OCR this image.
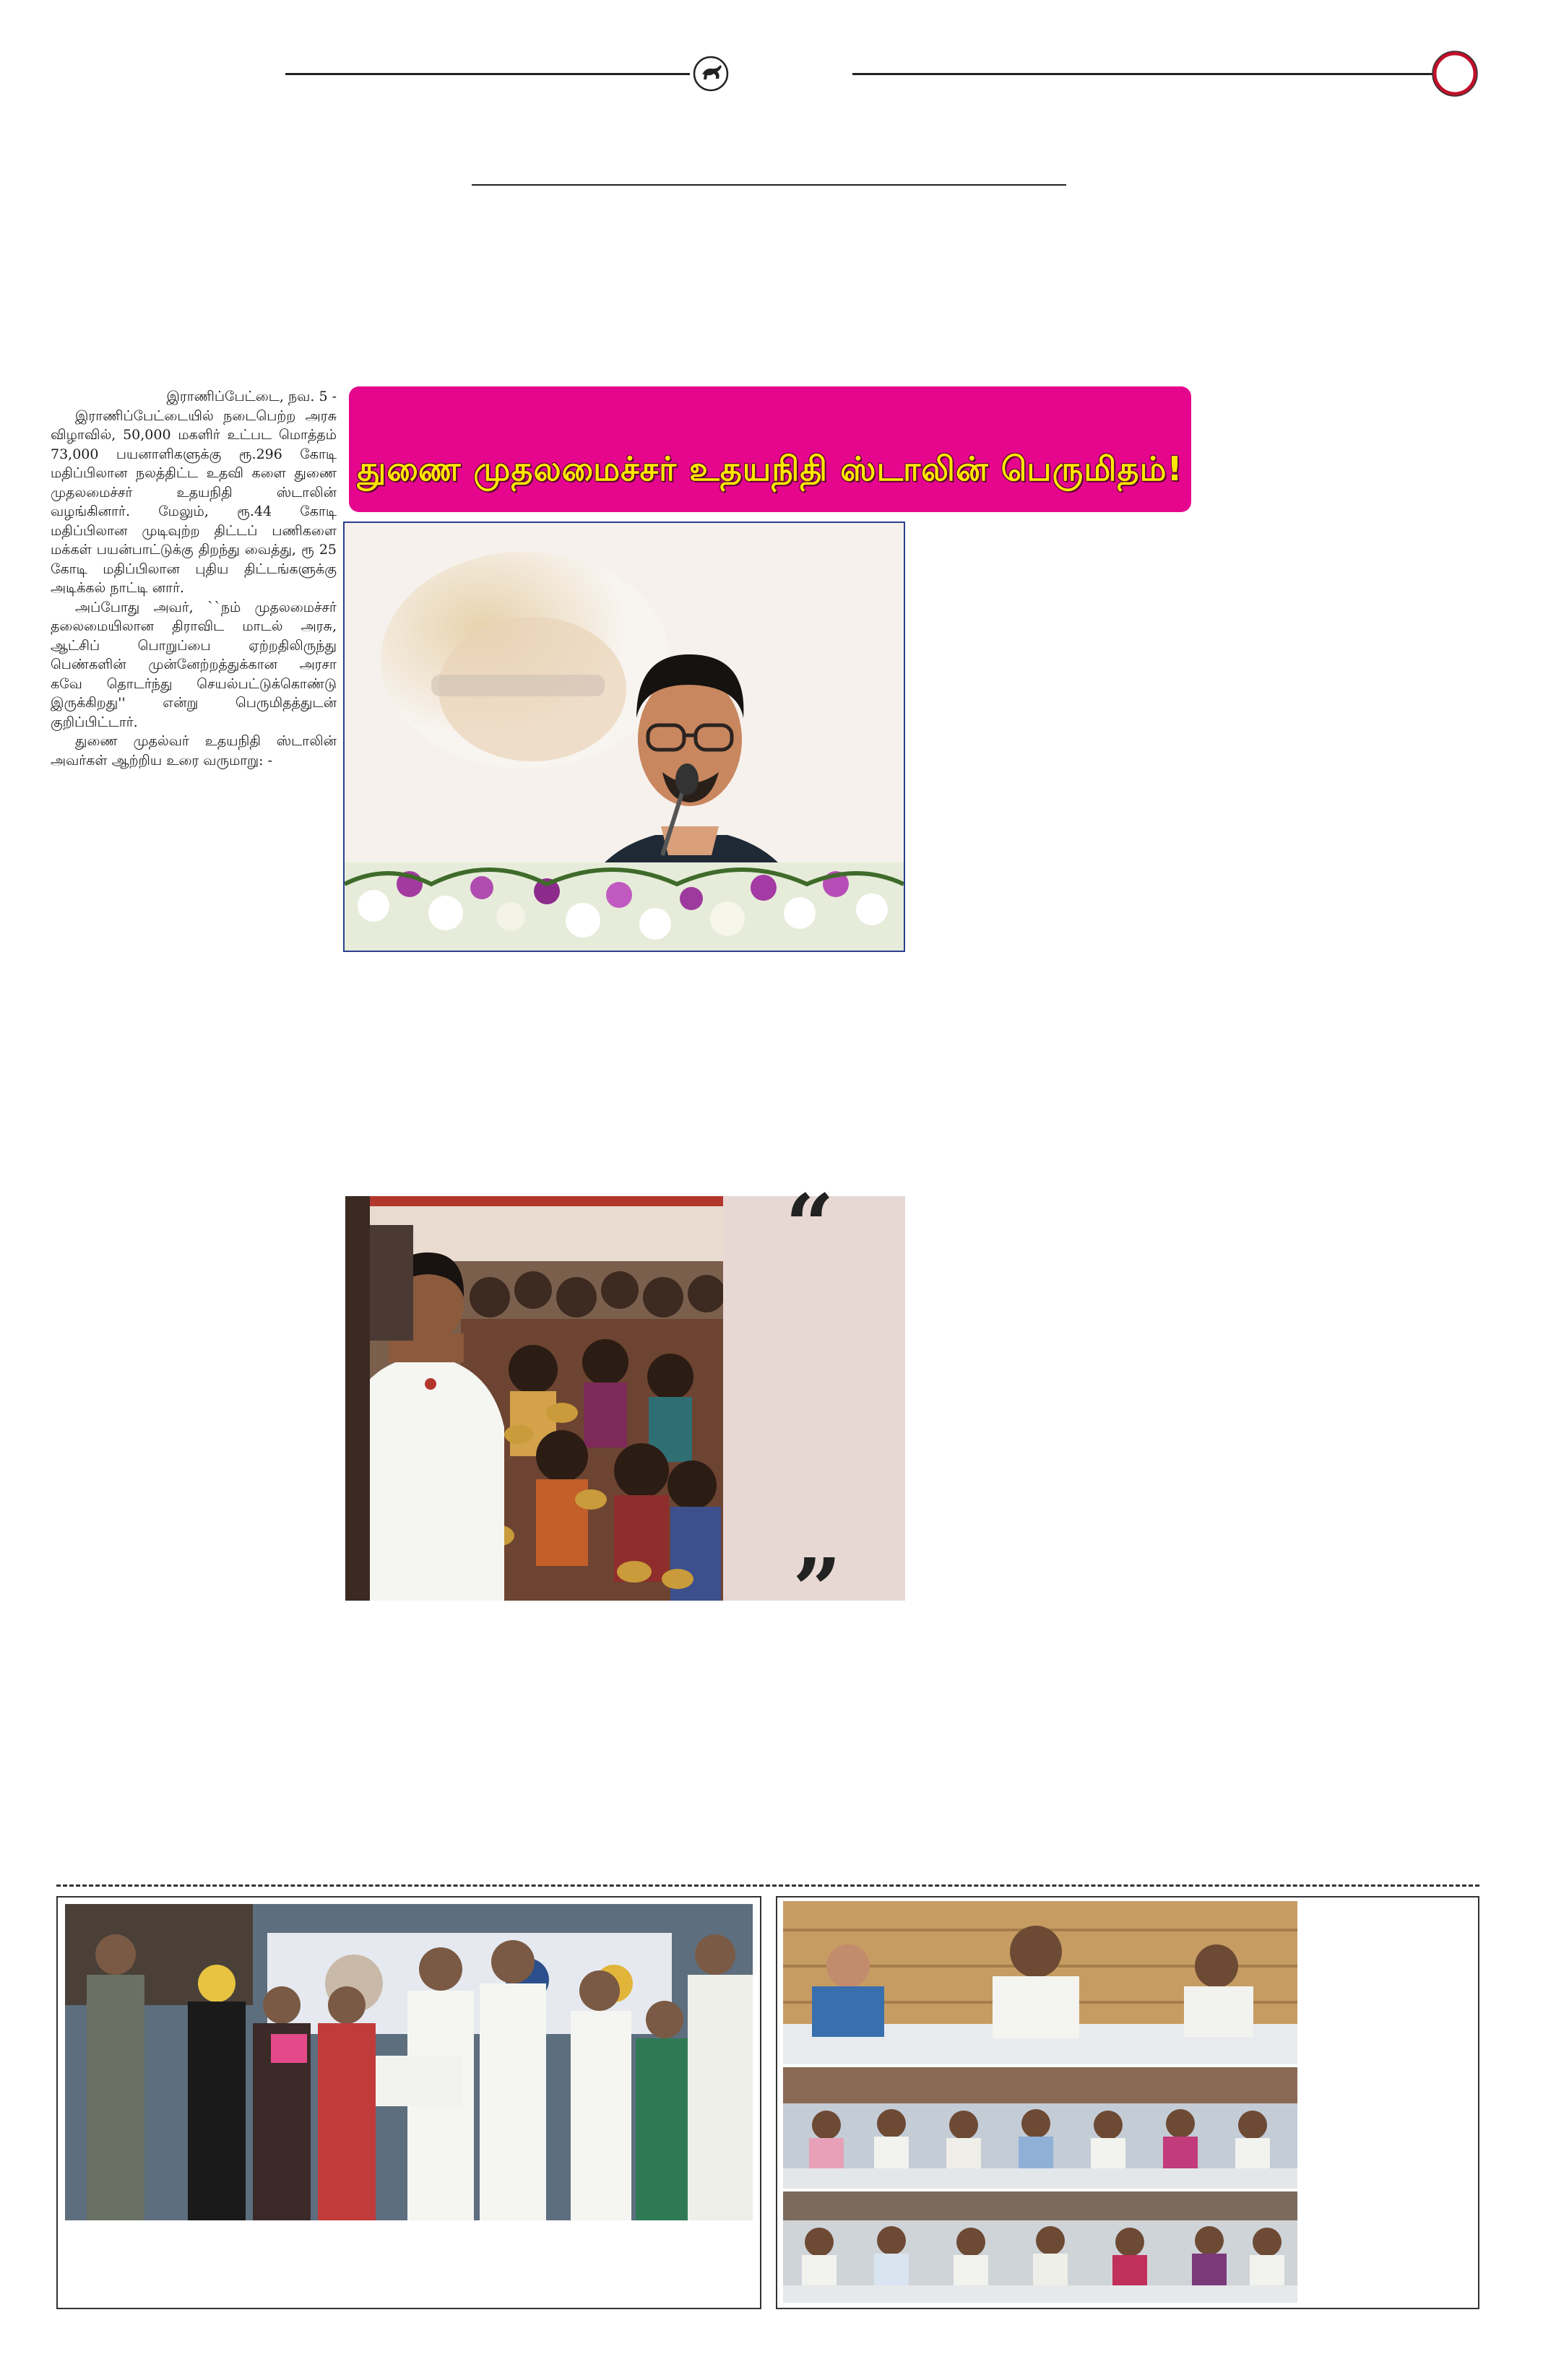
இராணிப்பேட்டை, நவ. 5 -

இராணிப்பேட்டையில் நடைபெற்ற அரசு விழாவில், 50,000 மகளிர் உட்பட மொத்தம் 73,000 பயனாளிகளுக்கு ரூ.296 கோடி மதிப்பிலான நலத்திட்ட உதவி களை துணை முதலமைச்சர் உதயநிதி ஸ்டாலின் வழங்கினார். மேலும், ரூ.44 கோடி மதிப்பிலான முடிவுற்ற திட்டப் பணிகளை மக்கள் பயன்பாட்டுக்கு திறந்து வைத்து, ரூ 25 கோடி மதிப்பிலான புதிய திட்டங்களுக்கு அடிக்கல் நாட்டி னார்.

அப்போது அவர், ``நம் முதலமைச்சர் தலைமையிலான திராவிட மாடல் அரசு, ஆட்சிப் பொறுப்பை ஏற்றதிலிருந்து பெண்களின் முன்னேற்றத்துக்கான அரசா கவே தொடர்ந்து செயல்பட்டுக்கொண்டு இருக்கிறது'' என்று பெருமிதத்துடன் குறிப்பிட்டார்.

துணை முதல்வர் உதயநிதி ஸ்டாலின் அவர்கள் ஆற்றிய உரை வருமாறு: -

துணை முதலமைச்சர் உதயநிதி ஸ்டாலின் பெருமிதம்!
“
”
